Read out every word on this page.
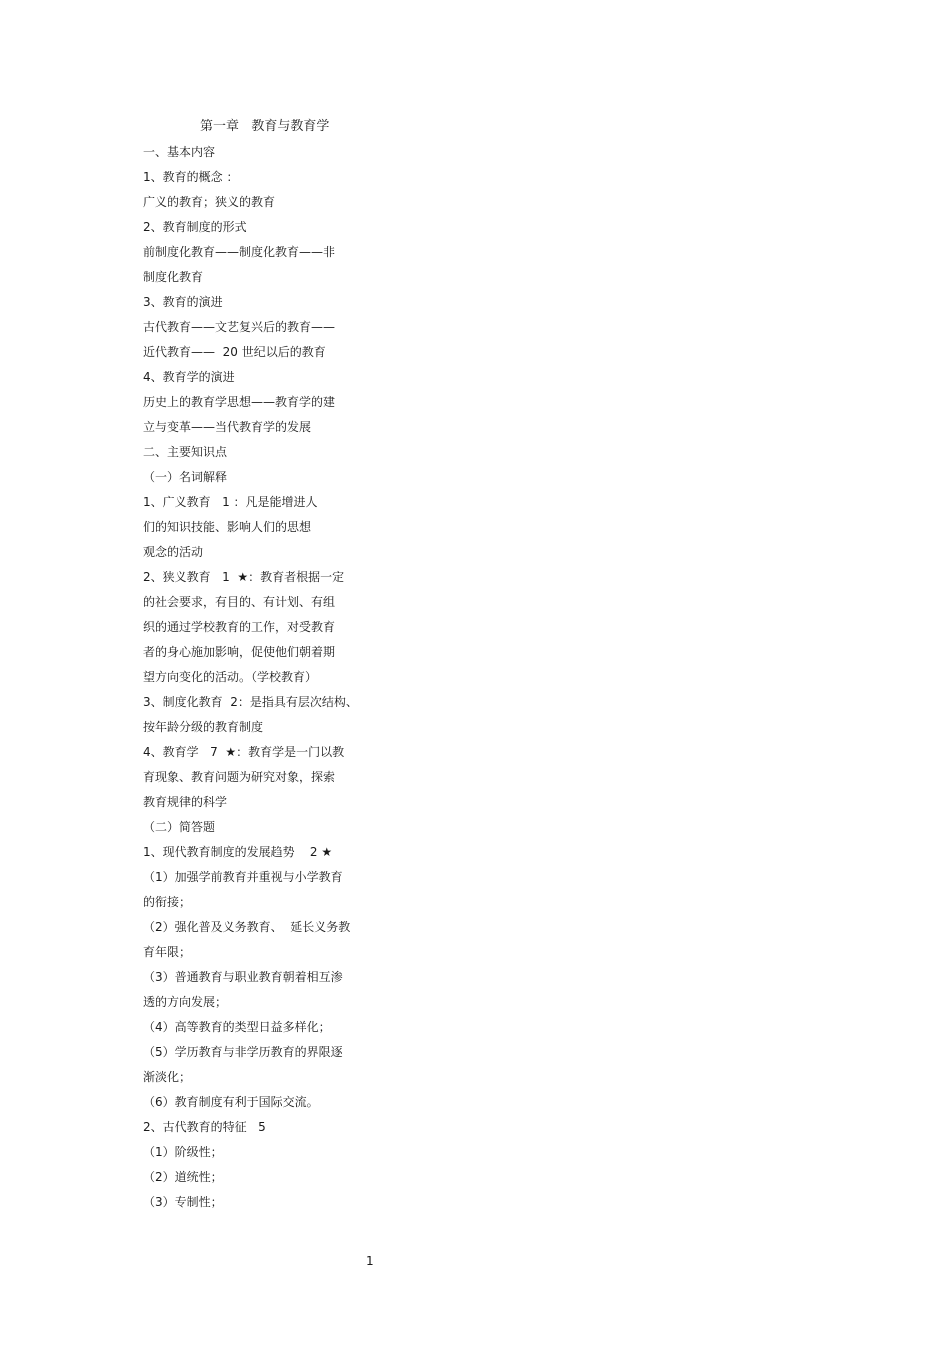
第一章   教育与教育学
一、基本内容
1、教育的概念 ：
广义的教育；狭义的教育
2、教育制度的形式
前制度化教育——制度化教育——非
制度化教育
3、教育的演进
古代教育——文艺复兴后的教育——
近代教育——  20 世纪以后的教育
4、教育学的演进
历史上的教育学思想——教育学的建
立与变革——当代教育学的发展
二、主要知识点
（一）名词解释
1、广义教育   1 ：凡是能增进人
们的知识技能、影响人们的思想
观念的活动
2、狭义教育   1  ★：教育者根据一定
的社会要求，有目的、有计划、有组
织的通过学校教育的工作，对受教育
者的身心施加影响，促使他们朝着期
望方向变化的活动。（学校教育）
3、制度化教育  2：是指具有层次结构、
按年龄分级的教育制度
4、教育学   7  ★：教育学是一门以教
育现象、教育问题为研究对象，探索
教育规律的科学
（二）简答题
1、现代教育制度的发展趋势    2 ★
（1）加强学前教育并重视与小学教育
的衔接；
（2）强化普及义务教育、  延长义务教
育年限；
（3）普通教育与职业教育朝着相互渗
透的方向发展；
（4）高等教育的类型日益多样化；
（5）学历教育与非学历教育的界限逐
渐淡化；
（6）教育制度有利于国际交流。
2、古代教育的特征   5
（1）阶级性；
（2）道统性；
（3）专制性；
1
